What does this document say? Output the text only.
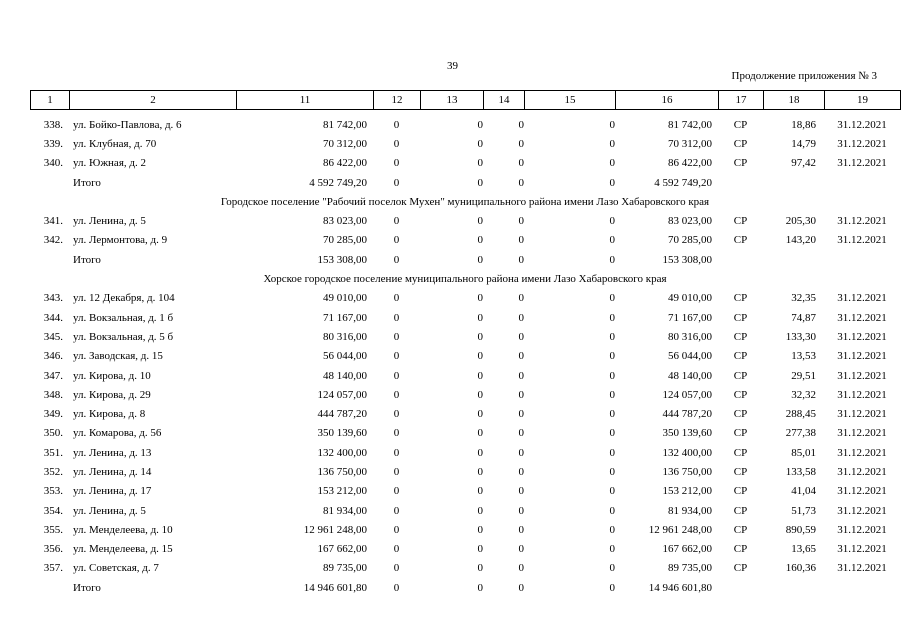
39
Продолжение приложения № 3
1	2	11	12	13	14	15	16	17	18	19
338.	ул. Бойко-Павлова, д. 6	81 742,00	0	0	0	0	81 742,00	СР	18,86	31.12.2021
339.	ул. Клубная, д. 70	70 312,00	0	0	0	0	70 312,00	СР	14,79	31.12.2021
340.	ул. Южная, д. 2	86 422,00	0	0	0	0	86 422,00	СР	97,42	31.12.2021
	Итого	4 592 749,20	0	0	0	0	4 592 749,20			
Городское поселение "Рабочий поселок Мухен" муниципального района имени Лазо Хабаровского края										
341.	ул. Ленина, д. 5	83 023,00	0	0	0	0	83 023,00	СР	205,30	31.12.2021
342.	ул. Лермонтова, д. 9	70 285,00	0	0	0	0	70 285,00	СР	143,20	31.12.2021
	Итого	153 308,00	0	0	0	0	153 308,00			
Хорское городское поселение муниципального района имени Лазо Хабаровского края										
343.	ул. 12 Декабря, д. 104	49 010,00	0	0	0	0	49 010,00	СР	32,35	31.12.2021
344.	ул. Вокзальная, д. 1 б	71 167,00	0	0	0	0	71 167,00	СР	74,87	31.12.2021
345.	ул. Вокзальная, д. 5 б	80 316,00	0	0	0	0	80 316,00	СР	133,30	31.12.2021
346.	ул. Заводская, д. 15	56 044,00	0	0	0	0	56 044,00	СР	13,53	31.12.2021
347.	ул. Кирова, д. 10	48 140,00	0	0	0	0	48 140,00	СР	29,51	31.12.2021
348.	ул. Кирова, д. 29	124 057,00	0	0	0	0	124 057,00	СР	32,32	31.12.2021
349.	ул. Кирова, д. 8	444 787,20	0	0	0	0	444 787,20	СР	288,45	31.12.2021
350.	ул. Комарова, д. 56	350 139,60	0	0	0	0	350 139,60	СР	277,38	31.12.2021
351.	ул. Ленина, д. 13	132 400,00	0	0	0	0	132 400,00	СР	85,01	31.12.2021
352.	ул. Ленина, д. 14	136 750,00	0	0	0	0	136 750,00	СР	133,58	31.12.2021
353.	ул. Ленина, д. 17	153 212,00	0	0	0	0	153 212,00	СР	41,04	31.12.2021
354.	ул. Ленина, д. 5	81 934,00	0	0	0	0	81 934,00	СР	51,73	31.12.2021
355.	ул. Менделеева, д. 10	12 961 248,00	0	0	0	0	12 961 248,00	СР	890,59	31.12.2021
356.	ул. Менделеева, д. 15	167 662,00	0	0	0	0	167 662,00	СР	13,65	31.12.2021
357.	ул. Советская, д. 7	89 735,00	0	0	0	0	89 735,00	СР	160,36	31.12.2021
	Итого	14 946 601,80	0	0	0	0	14 946 601,80			
